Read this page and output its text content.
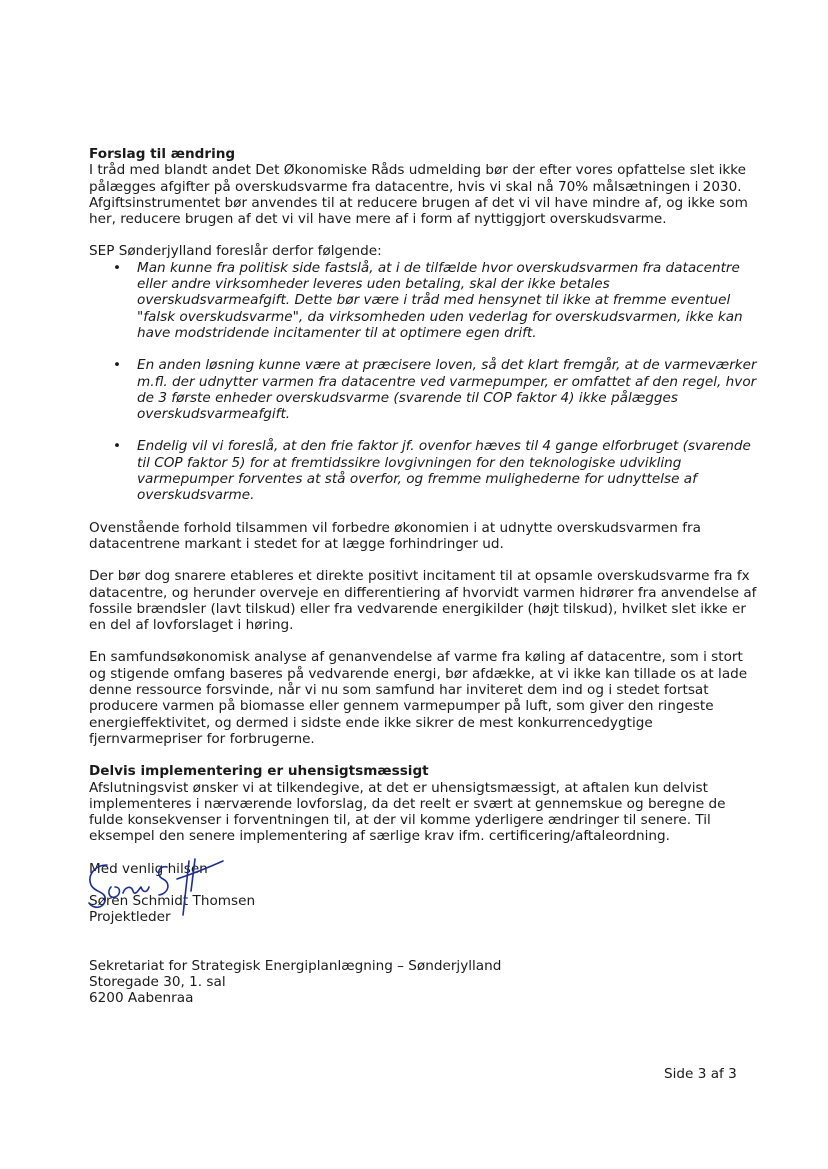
Forslag til ændring

I tråd med blandt andet Det Økonomiske Råds udmelding bør der efter vores opfattelse slet ikke pålægges afgifter på overskudsvarme fra datacentre, hvis vi skal nå 70% målsætningen i 2030. Afgiftsinstrumentet bør anvendes til at reducere brugen af det vi vil have mindre af, og ikke som her, reducere brugen af det vi vil have mere af i form af nyttiggjort overskudsvarme.

SEP Sønderjylland foreslår derfor følgende:

• Man kunne fra politisk side fastslå, at i de tilfælde hvor overskudsvarmen fra datacentre eller andre virksomheder leveres uden betaling, skal der ikke betales overskudsvarmeafgift. Dette bør være i tråd med hensynet til ikke at fremme eventuel "falsk overskudsvarme", da virksomheden uden vederlag for overskudsvarmen, ikke kan have modstridende incitamenter til at optimere egen drift.
• En anden løsning kunne være at præcisere loven, så det klart fremgår, at de varmeværker m.fl. der udnytter varmen fra datacentre ved varmepumper, er omfattet af den regel, hvor de 3 første enheder overskudsvarme (svarende til COP faktor 4) ikke pålægges overskudsvarmeafgift.
• Endelig vil vi foreslå, at den frie faktor jf. ovenfor hæves til 4 gange elforbruget (svarende til COP faktor 5) for at fremtidssikre lovgivningen for den teknologiske udvikling varmepumper forventes at stå overfor, og fremme mulighederne for udnyttelse af overskudsvarme.

Ovenstående forhold tilsammen vil forbedre økonomien i at udnytte overskudsvarmen fra datacentrene markant i stedet for at lægge forhindringer ud.

Der bør dog snarere etableres et direkte positivt incitament til at opsamle overskudsvarme fra fx datacentre, og herunder overveje en differentiering af hvorvidt varmen hidrører fra anvendelse af fossile brændsler (lavt tilskud) eller fra vedvarende energikilder (højt tilskud), hvilket slet ikke er en del af lovforslaget i høring.

En samfundsøkonomisk analyse af genanvendelse af varme fra køling af datacentre, som i stort og stigende omfang baseres på vedvarende energi, bør afdække, at vi ikke kan tillade os at lade denne ressource forsvinde, når vi nu som samfund har inviteret dem ind og i stedet fortsat producere varmen på biomasse eller gennem varmepumper på luft, som giver den ringeste energieffektivitet, og dermed i sidste ende ikke sikrer de mest konkurrencedygtige fjernvarmepriser for forbrugerne.

Delvis implementering er uhensigtsmæssigt

Afslutningsvist ønsker vi at tilkendegive, at det er uhensigtsmæssigt, at aftalen kun delvist implementeres i nærværende lovforslag, da det reelt er svært at gennemskue og beregne de fulde konsekvenser i forventningen til, at der vil komme yderligere ændringer til senere. Til eksempel den senere implementering af særlige krav ifm. certificering/aftaleordning.

Med venlig hilsen

Søren Schmidt Thomsen

Projektleder

Sekretariat for Strategisk Energiplanlægning – Sønderjylland

Storegade 30, 1. sal

6200 Aabenraa

Side 3 af 3
